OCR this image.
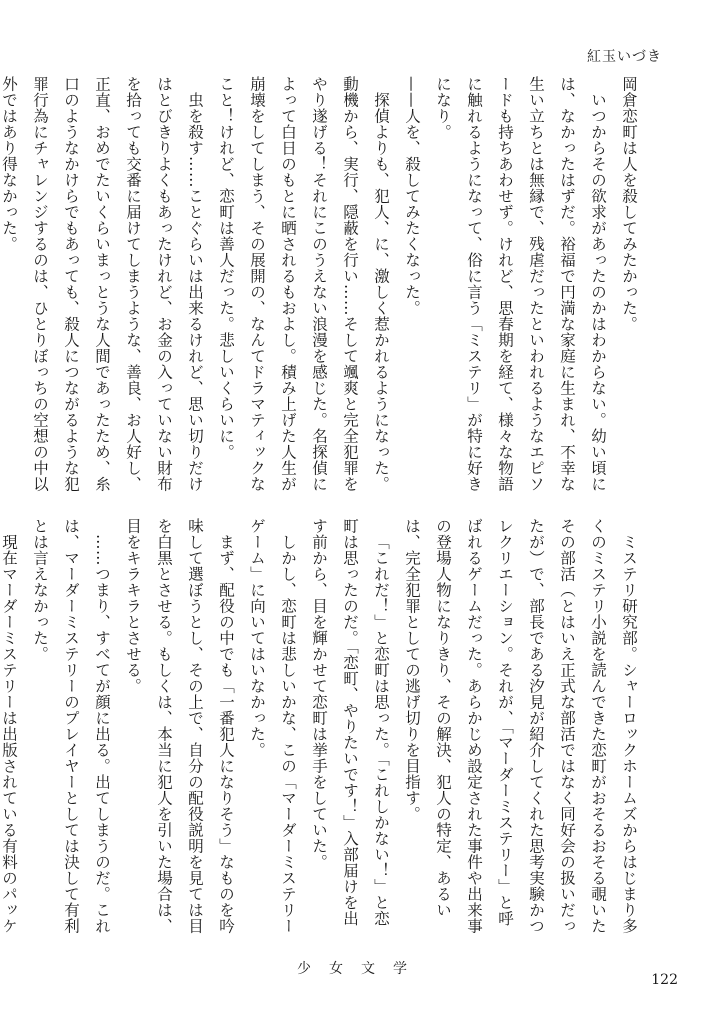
紅玉いづき

岡倉恋町は人を殺してみたかった。

いつからその欲求があったのかはわからない。幼い頃には、なかったはずだ。裕福で円満な家庭に生まれ、不幸な生い立ちとは無縁で、残虐だったといわれるようなエピソードも持ちあわせず。けれど、思春期を経て、様々な物語に触れるようになって、俗に言う「ミステリ」が特に好きになり。

——人を、殺してみたくなった。

探偵よりも、犯人、に、激しく惹かれるようになった。動機から、実行、隠蔽を行い……そして颯爽と完全犯罪をやり遂げる！それにこのうえない浪漫を感じた。名探偵によって白日のもとに晒されるもおよし。積み上げた人生が崩壊をしてしまう、その展開の、なんてドラマティックなこと！けれど、恋町は善人だった。悲しいくらいに。

虫を殺す……ことぐらいは出来るけれど、思い切りだけはとびきりよくもあったけれど、お金の入っていない財布を拾っても交番に届けてしまうような、善良、お人好し、正直、おめでたいくらいまっとうな人間であったため、糸口のようなかけらでもあっても、殺人につながるような犯罪行為にチャレンジするのは、ひとりぼっちの空想の中以外ではあり得なかった。

ミステリ研究部。シャーロックホームズからはじまり多くのミステリ小説を読んできた恋町がおそるおそる覗いたその部活（とはいえ正式な部活ではなく同好会の扱いだったが）で、部長である汐見が紹介してくれた思考実験かつレクリエーション。それが、「マーダーミステリー」と呼ばれるゲームだった。あらかじめ設定された事件や出来事の登場人物になりきり、その解決、犯人の特定、あるいは、完全犯罪としての逃げ切りを目指す。

「これだ！」と恋町は思った。「これしかない！」と恋町は思ったのだ。「恋町、やりたいです！」入部届けを出す前から、目を輝かせて恋町は挙手をしていた。

しかし、恋町は悲しいかな、この「マーダーミステリーゲーム」に向いてはいなかった。

まず、配役の中でも「一番犯人になりそう」なものを吟味して選ぼうとし、その上で、自分の配役説明を見ては目を白黒とさせる。もしくは、本当に犯人を引いた場合は、目をキラキラとさせる。

……つまり、すべてが顔に出る。出てしまうのだ。これは、マーダーミステリーのプレイヤーとしては決して有利とは言えなかった。

現在マーダーミステリーは出版されている有料のパッケ

少女文学
122
